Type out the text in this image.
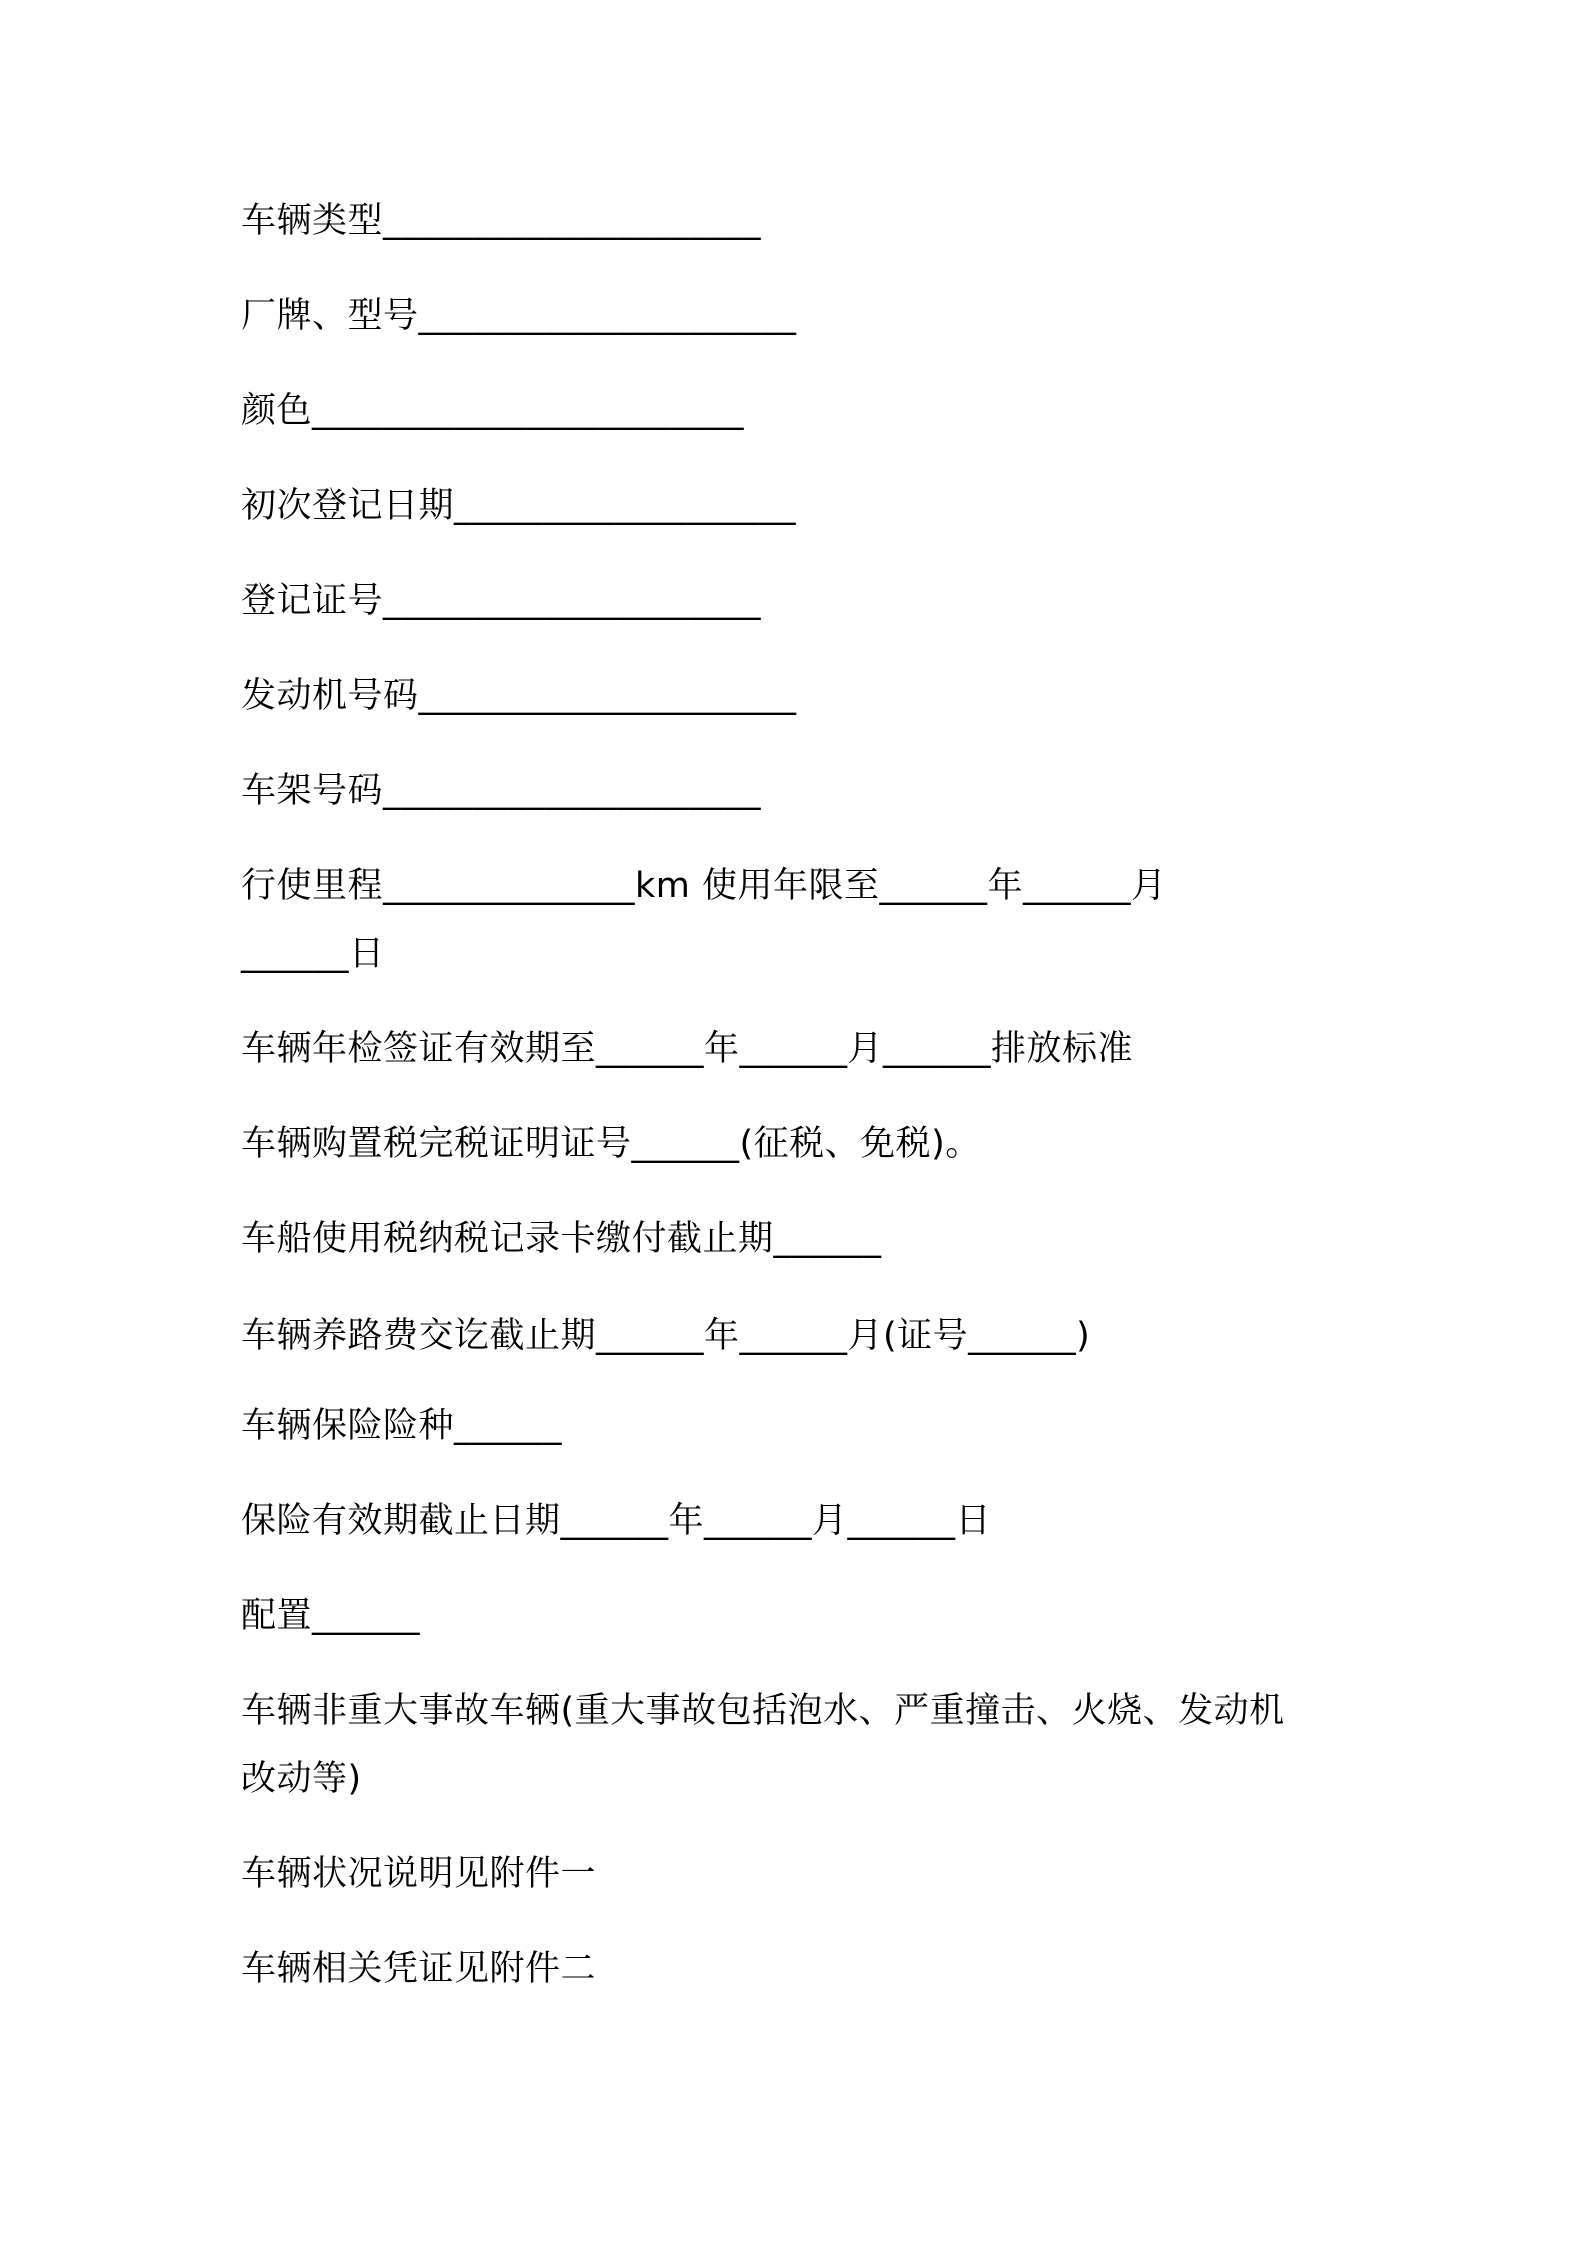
车辆类型_____________________
厂牌、型号_____________________
颜色________________________
初次登记日期___________________
登记证号_____________________
发动机号码_____________________
车架号码_____________________
行使里程______________km 使用年限至______年______月
______日
车辆年检签证有效期至______年______月______排放标准
车辆购置税完税证明证号______(征税、免税)。
车船使用税纳税记录卡缴付截止期______
车辆养路费交讫截止期______年______月(证号______)
车辆保险险种______
保险有效期截止日期______年______月______日
配置______
车辆非重大事故车辆(重大事故包括泡水、严重撞击、火烧、发动机
改动等)
车辆状况说明见附件一
车辆相关凭证见附件二
